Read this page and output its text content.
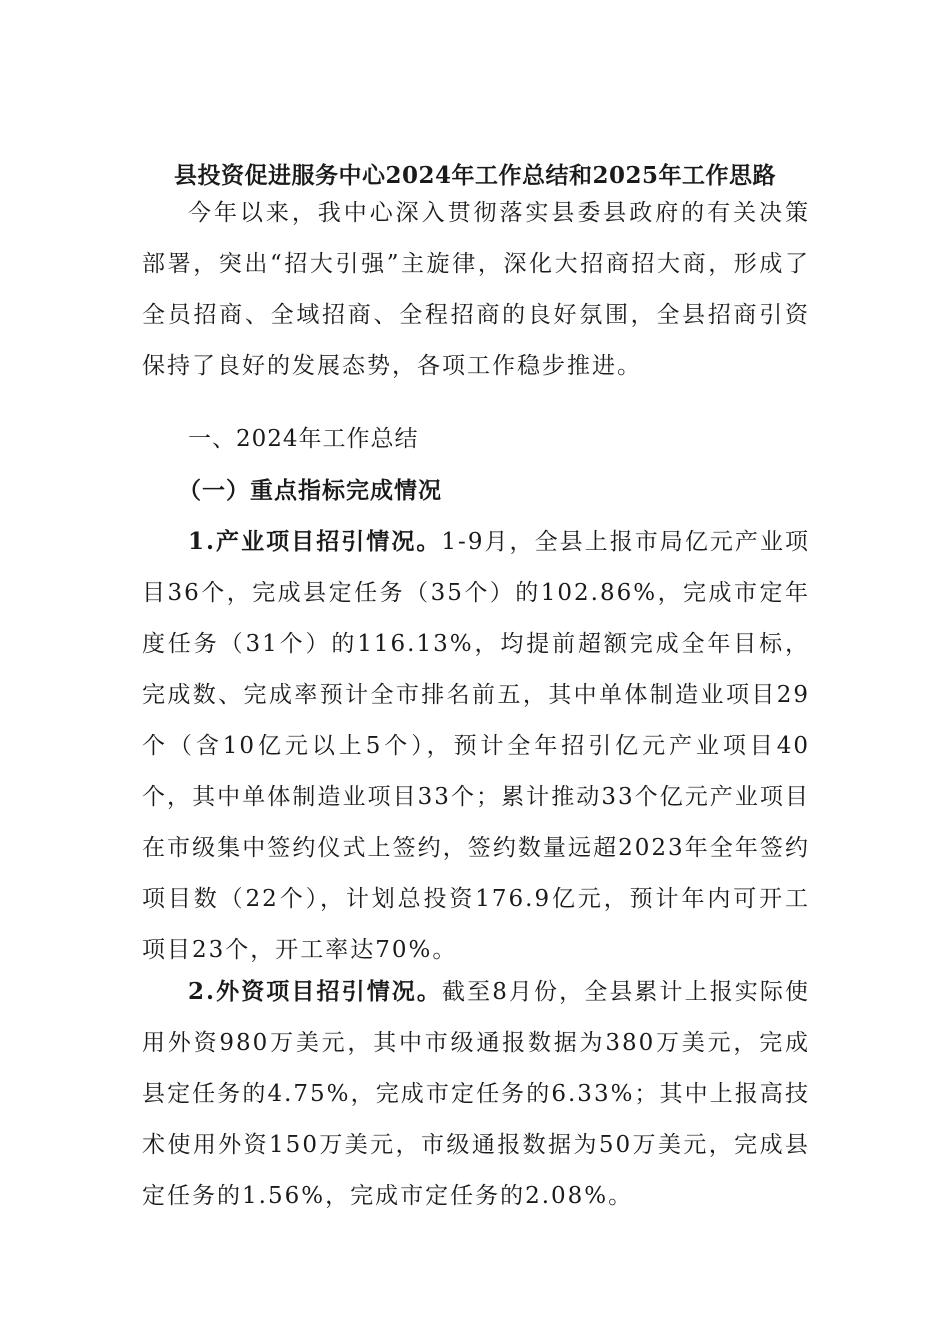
县投资促进服务中心2024年工作总结和2025年工作思路
今年以来，我中心深入贯彻落实县委县政府的有关决策部署，突出“招大引强”主旋律，深化大招商招大商，形成了全员招商、全域招商、全程招商的良好氛围，全县招商引资保持了良好的发展态势，各项工作稳步推进。
一、2024年工作总结
（一）重点指标完成情况
1.产业项目招引情况。1-9月，全县上报市局亿元产业项目36个，完成县定任务（35个）的102.86%，完成市定年度任务（31个）的116.13%，均提前超额完成全年目标，完成数、完成率预计全市排名前五，其中单体制造业项目29个（含10亿元以上5个），预计全年招引亿元产业项目40个，其中单体制造业项目33个；累计推动33个亿元产业项目在市级集中签约仪式上签约，签约数量远超2023年全年签约项目数（22个），计划总投资176.9亿元，预计年内可开工项目23个，开工率达70%。
2.外资项目招引情况。截至8月份，全县累计上报实际使用外资980万美元，其中市级通报数据为380万美元，完成县定任务的4.75%，完成市定任务的6.33%；其中上报高技术使用外资150万美元，市级通报数据为50万美元，完成县定任务的1.56%，完成市定任务的2.08%。
